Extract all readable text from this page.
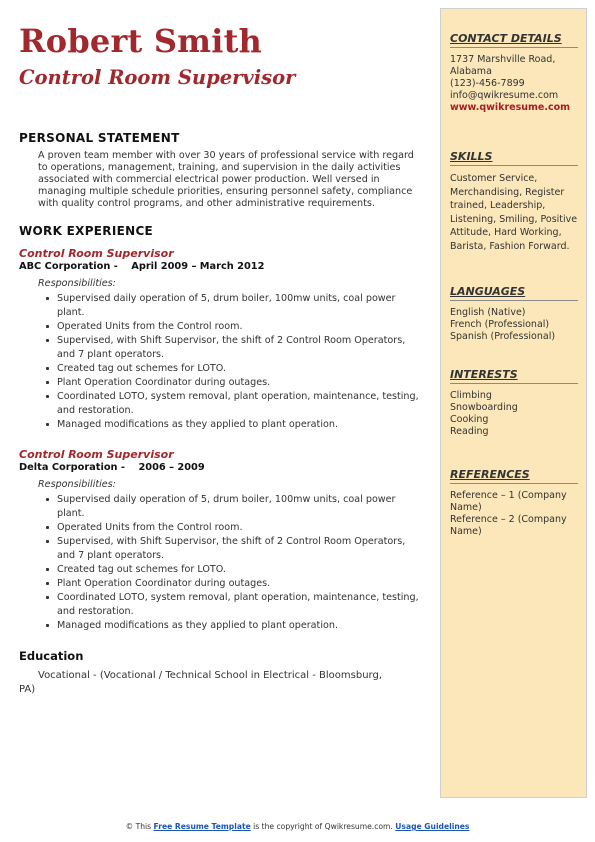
Robert Smith
Control Room Supervisor
CONTACT DETAILS
1737 Marshville Road,
Alabama
(123)-456-7899
info@qwikresume.com
www.qwikresume.com
SKILLS
Customer Service, Merchandising, Register trained, Leadership, Listening, Smiling, Positive Attitude, Hard Working, Barista, Fashion Forward.
LANGUAGES
English (Native)
French (Professional)
Spanish (Professional)
INTERESTS
Climbing
Snowboarding
Cooking
Reading
REFERENCES
Reference – 1 (Company Name)
Reference – 2 (Company Name)
PERSONAL STATEMENT
A proven team member with over 30 years of professional service with regard to operations, management, training, and supervision in the daily activities associated with commercial electrical power production. Well versed in managing multiple schedule priorities, ensuring personnel safety, compliance with quality control programs, and other administrative requirements.
WORK EXPERIENCE
Control Room Supervisor
ABC Corporation - April 2009 – March 2012
Responsibilities:
Supervised daily operation of 5, drum boiler, 100mw units, coal power plant.
Operated Units from the Control room.
Supervised, with Shift Supervisor, the shift of 2 Control Room Operators, and 7 plant operators.
Created tag out schemes for LOTO.
Plant Operation Coordinator during outages.
Coordinated LOTO, system removal, plant operation, maintenance, testing, and restoration.
Managed modifications as they applied to plant operation.
Control Room Supervisor
Delta Corporation - 2006 – 2009
Responsibilities:
Supervised daily operation of 5, drum boiler, 100mw units, coal power plant.
Operated Units from the Control room.
Supervised, with Shift Supervisor, the shift of 2 Control Room Operators, and 7 plant operators.
Created tag out schemes for LOTO.
Plant Operation Coordinator during outages.
Coordinated LOTO, system removal, plant operation, maintenance, testing, and restoration.
Managed modifications as they applied to plant operation.
Education
Vocational - (Vocational / Technical School in Electrical - Bloomsburg,
PA)
© This Free Resume Template is the copyright of Qwikresume.com. Usage Guidelines
